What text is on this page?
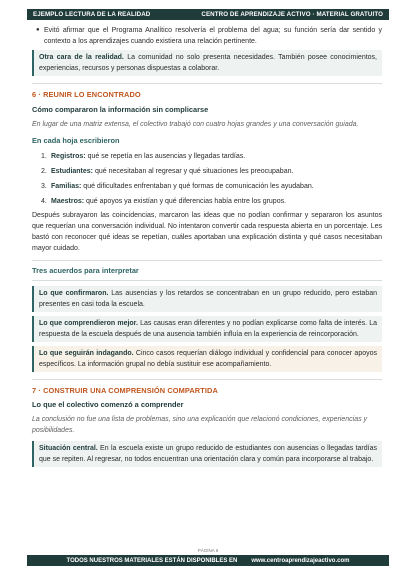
EJEMPLO LECTURA DE LA REALIDAD	CENTRO DE APRENDIZAJE ACTIVO · MATERIAL GRATUITO
● Evitó afirmar que el Programa Analítico resolvería el problema del agua; su función sería dar sentido y contexto a los aprendizajes cuando existiera una relación pertinente.
Otra cara de la realidad. La comunidad no solo presenta necesidades. También posee conocimientos, experiencias, recursos y personas dispuestas a colaborar.

6 · REUNIR LO ENCONTRADO

Cómo compararon la información sin complicarse

En lugar de una matriz extensa, el colectivo trabajó con cuatro hojas grandes y una conversación guiada.

En cada hoja escribieron

1. Registros: qué se repetía en las ausencias y llegadas tardías.
2. Estudiantes: qué necesitaban al regresar y qué situaciones les preocupaban.
3. Familias: qué dificultades enfrentaban y qué formas de comunicación les ayudaban.
4. Maestros: qué apoyos ya existían y qué diferencias había entre los grupos.

Después subrayaron las coincidencias, marcaron las ideas que no podían confirmar y separaron los asuntos que requerían una conversación individual. No intentaron convertir cada respuesta abierta en un porcentaje. Les bastó con reconocer qué ideas se repetían, cuáles aportaban una explicación distinta y qué casos necesitaban mayor cuidado.

Tres acuerdos para interpretar

Lo que confirmaron. Las ausencias y los retardos se concentraban en un grupo reducido, pero estaban presentes en casi toda la escuela.
Lo que comprendieron mejor. Las causas eran diferentes y no podían explicarse como falta de interés. La respuesta de la escuela después de una ausencia también influía en la experiencia de reincorporación.
Lo que seguirán indagando. Cinco casos requerían diálogo individual y confidencial para conocer apoyos específicos. La información grupal no debía sustituir ese acompañamiento.

7 · CONSTRUIR UNA COMPRENSIÓN COMPARTIDA

Lo que el colectivo comenzó a comprender

La conclusión no fue una lista de problemas, sino una explicación que relacionó condiciones, experiencias y posibilidades.

Situación central. En la escuela existe un grupo reducido de estudiantes con ausencias o llegadas tardías que se repiten. Al regresar, no todos encuentran una orientación clara y común para incorporarse al trabajo.
PÁGINA 6
TODOS NUESTROS MATERIALES ESTÁN DISPONIBLES EN www.centroaprendizajeactivo.com
